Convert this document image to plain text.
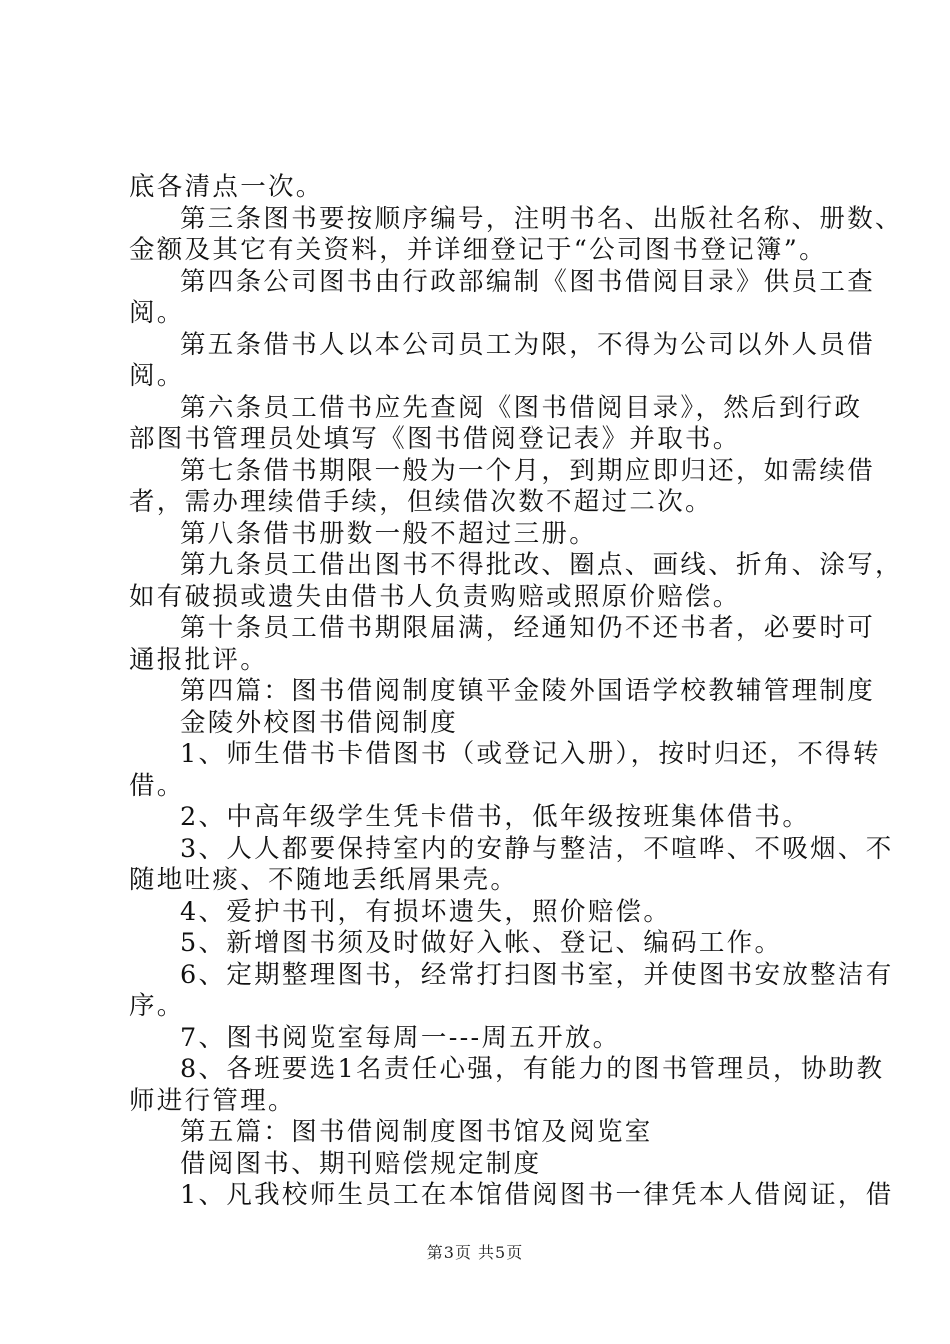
底各清点一次。
第三条图书要按顺序编号，注明书名、出版社名称、册数、
金额及其它有关资料，并详细登记于“公司图书登记簿”。
第四条公司图书由行政部编制《图书借阅目录》供员工查
阅。
第五条借书人以本公司员工为限，不得为公司以外人员借
阅。
第六条员工借书应先查阅《图书借阅目录》，然后到行政
部图书管理员处填写《图书借阅登记表》并取书。
第七条借书期限一般为一个月，到期应即归还，如需续借
者，需办理续借手续，但续借次数不超过二次。
第八条借书册数一般不超过三册。
第九条员工借出图书不得批改、圈点、画线、折角、涂写，
如有破损或遗失由借书人负责购赔或照原价赔偿。
第十条员工借书期限届满，经通知仍不还书者，必要时可
通报批评。
第四篇：图书借阅制度镇平金陵外国语学校教辅管理制度
金陵外校图书借阅制度
1、师生借书卡借图书（或登记入册），按时归还，不得转
借。
2、中高年级学生凭卡借书，低年级按班集体借书。
3、人人都要保持室内的安静与整洁，不喧哗、不吸烟、不
随地吐痰、不随地丢纸屑果壳。
4、爱护书刊，有损坏遗失，照价赔偿。
5、新增图书须及时做好入帐、登记、编码工作。
6、定期整理图书，经常打扫图书室，并使图书安放整洁有
序。
7、图书阅览室每周一---周五开放。
8、各班要选1名责任心强，有能力的图书管理员，协助教
师进行管理。
第五篇：图书借阅制度图书馆及阅览室
借阅图书、期刊赔偿规定制度
1、凡我校师生员工在本馆借阅图书一律凭本人借阅证，借
第3页 共5页
